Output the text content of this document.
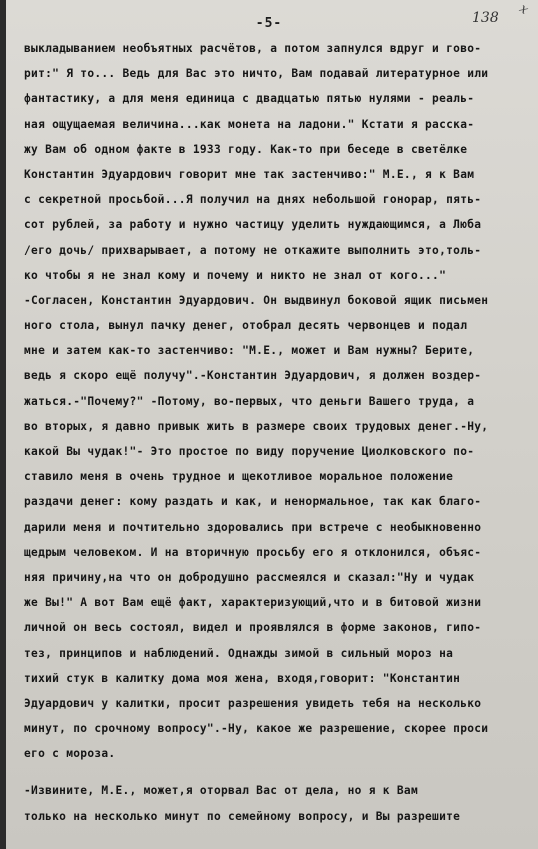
-5-	138
x
выкладыванием необъятных расчётов, а потом запнулся вдруг и гово-
рит:" Я то... Ведь для Вас это ничто, Вам подавай литературное или
фантастику, а для меня единица с двадцатью пятью нулями - реаль-
ная ощущаемая величина...как монета на ладони." Кстати я расска-
жу Вам об одном факте в 1933 году. Как-то при беседе в светёлке
Константин Эдуардович говорит мне так застенчиво:" М.Е., я к Вам
с секретной просьбой...Я получил на днях небольшой гонорар, пять-
сот рублей, за работу и нужно частицу уделить нуждающимся, а Люба
/его дочь/ прихварывает, а потому не откажите выполнить это,толь-
ко чтобы я не знал кому и почему и никто не знал от кого..."
-Согласен, Константин Эдуардович. Он выдвинул боковой ящик письмен
ного стола, вынул пачку денег, отобрал десять червонцев и подал
мне и затем как-то застенчиво: "М.Е., может и Вам нужны? Берите,
ведь я скоро ещё получу".-Константин Эдуардович, я должен воздер-
жаться.-"Почему?" -Потому, во-первых, что деньги Вашего труда, а
во вторых, я давно привык жить в размере своих трудовых денег.-Ну,
какой Вы чудак!"- Это простое по виду поручение Циолковского по-
ставило меня в очень трудное и щекотливое моральное положение
раздачи денег: кому раздать и как, и ненормальное, так как благо-
дарили меня и почтительно здоровались при встрече с необыкновенно
щедрым человеком. И на вторичную просьбу его я отклонился, объяс-
няя причину,на что он добродушно рассмеялся и сказал:"Ну и чудак
же Вы!" А вот Вам ещё факт, характеризующий,что и в битовой жизни
личной он весь состоял, видел и проявлялся в форме законов, гипо-
тез, принципов и наблюдений. Однажды зимой в сильный мороз на
тихий стук в калитку дома моя жена, входя,говорит: "Константин
Эдуардович у калитки, просит разрешения увидеть тебя на несколько
минут, по срочному вопросу".-Ну, какое же разрешение, скорее проси
его с мороза.
-Извините, М.Е., может,я оторвал Вас от дела, но я к Вам
только на несколько минут по семейному вопросу, и Вы разрешите
